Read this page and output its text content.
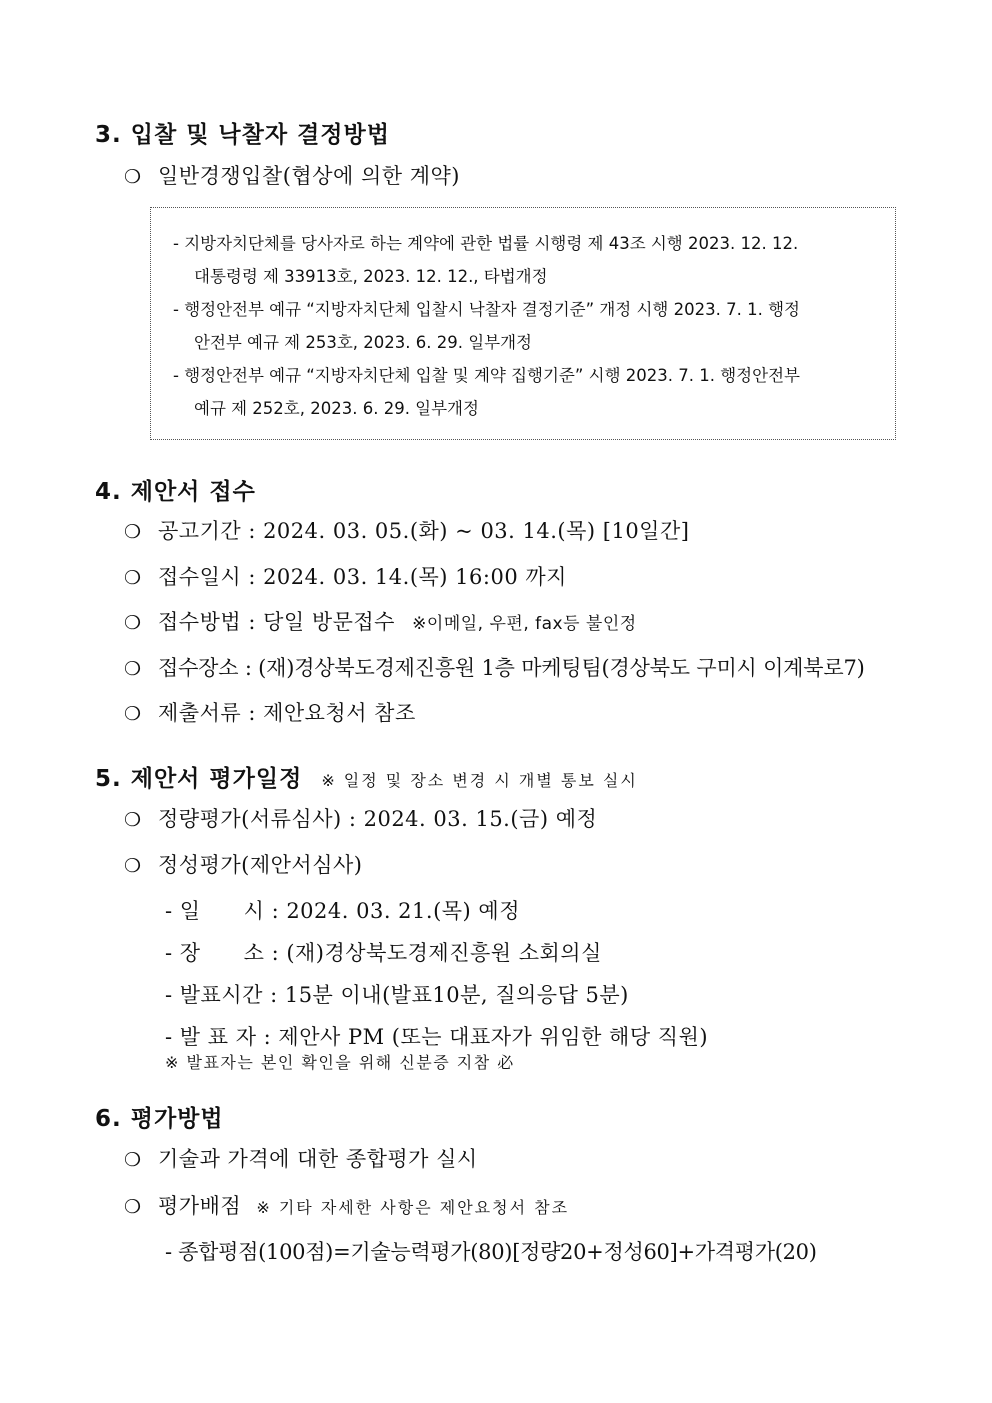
3. 입찰 및 낙찰자 결정방법
❍ 일반경쟁입찰(협상에 의한 계약)
- 지방자치단체를 당사자로 하는 계약에 관한 법률 시행령 제 43조 시행 2023. 12. 12.
대통령령 제 33913호, 2023. 12. 12., 타법개정
- 행정안전부 예규 “지방자치단체 입찰시 낙찰자 결정기준” 개정 시행 2023. 7. 1. 행정
안전부 예규 제 253호, 2023. 6. 29. 일부개정
- 행정안전부 예규 “지방자치단체 입찰 및 계약 집행기준” 시행 2023. 7. 1. 행정안전부
예규 제 252호, 2023. 6. 29. 일부개정
4. 제안서 접수
❍ 공고기간 : 2024. 03. 05.(화) ~ 03. 14.(목) [10일간]
❍ 접수일시 : 2024. 03. 14.(목) 16:00 까지
❍ 접수방법 : 당일 방문접수 ※이메일, 우편, fax등 불인정
❍ 접수장소 : (재)경상북도경제진흥원 1층 마케팅팀(경상북도 구미시 이계북로7)
❍ 제출서류 : 제안요청서 참조
5. 제안서 평가일정 ※ 일정 및 장소 변경 시 개별 통보 실시
❍ 정량평가(서류심사) : 2024. 03. 15.(금) 예정
❍ 정성평가(제안서심사)
- 일      시 : 2024. 03. 21.(목) 예정
- 장      소 : (재)경상북도경제진흥원 소회의실
- 발표시간 : 15분 이내(발표10분, 질의응답 5분)
- 발 표 자 : 제안사 PM (또는 대표자가 위임한 해당 직원)
※ 발표자는 본인 확인을 위해 신분증 지참 必
6. 평가방법
❍ 기술과 가격에 대한 종합평가 실시
❍ 평가배점 ※ 기타 자세한 사항은 제안요청서 참조
- 종합평점(100점)=기술능력평가(80)[정량20+정성60]+가격평가(20)
